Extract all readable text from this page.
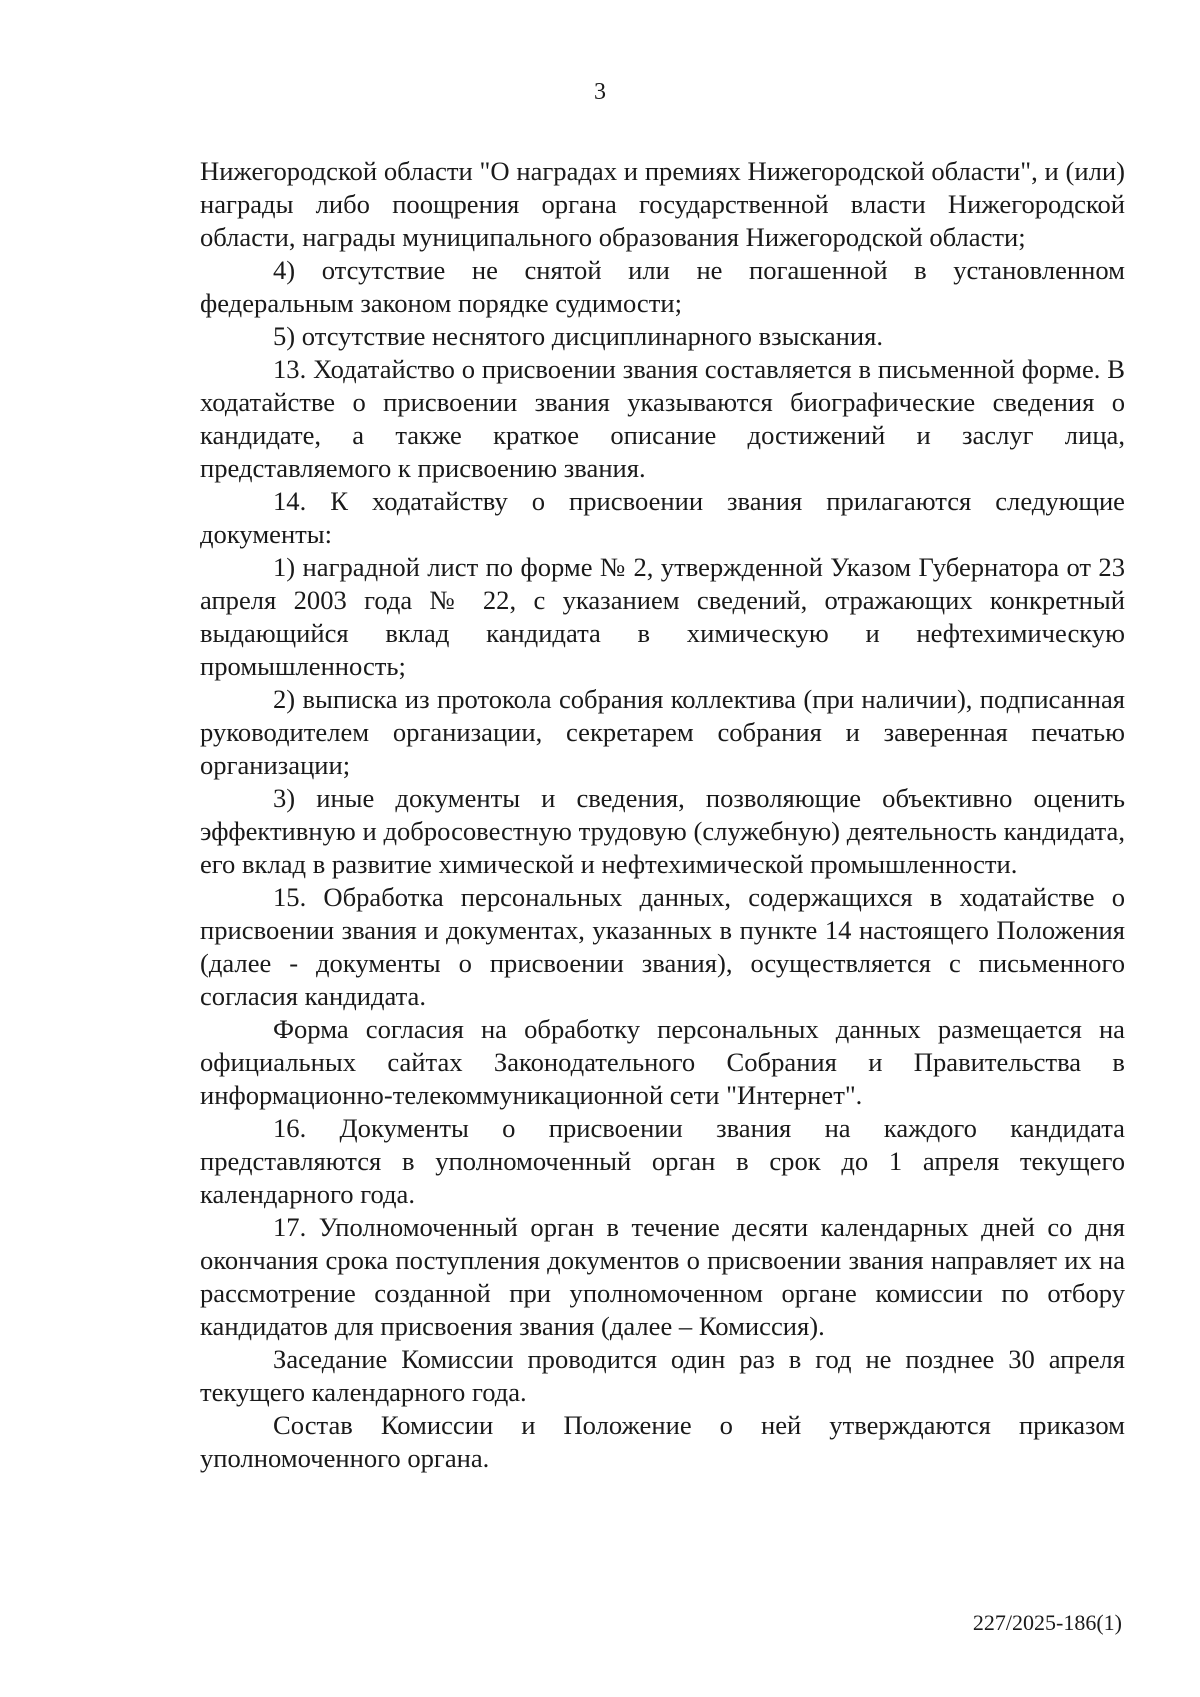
3

Нижегородской области "О наградах и премиях Нижегородской области", и (или) награды либо поощрения органа государственной власти Нижегородской области, награды муниципального образования Нижегородской области;

4) отсутствие не снятой или не погашенной в установленном федеральным законом порядке судимости;

5) отсутствие неснятого дисциплинарного взыскания.

13. Ходатайство о присвоении звания составляется в письменной форме. В ходатайстве о присвоении звания указываются биографические сведения о кандидате, а также краткое описание достижений и заслуг лица, представляемого к присвоению звания.

14. К ходатайству о присвоении звания прилагаются следующие документы:

1) наградной лист по форме № 2, утвержденной Указом Губернатора от 23 апреля 2003 года № 22, с указанием сведений, отражающих конкретный выдающийся вклад кандидата в химическую и нефтехимическую промышленность;

2) выписка из протокола собрания коллектива (при наличии), подписанная руководителем организации, секретарем собрания и заверенная печатью организации;

3) иные документы и сведения, позволяющие объективно оценить эффективную и добросовестную трудовую (служебную) деятельность кандидата, его вклад в развитие химической и нефтехимической промышленности.

15. Обработка персональных данных, содержащихся в ходатайстве о присвоении звания и документах, указанных в пункте 14 настоящего Положения (далее - документы о присвоении звания), осуществляется с письменного согласия кандидата.

Форма согласия на обработку персональных данных размещается на официальных сайтах Законодательного Собрания и Правительства в информационно-телекоммуникационной сети "Интернет".

16. Документы о присвоении звания на каждого кандидата представляются в уполномоченный орган в срок до 1 апреля текущего календарного года.

17. Уполномоченный орган в течение десяти календарных дней со дня окончания срока поступления документов о присвоении звания направляет их на рассмотрение созданной при уполномоченном органе комиссии по отбору кандидатов для присвоения звания (далее – Комиссия).

Заседание Комиссии проводится один раз в год не позднее 30 апреля текущего календарного года.

Состав Комиссии и Положение о ней утверждаются приказом уполномоченного органа.

227/2025-186(1)
